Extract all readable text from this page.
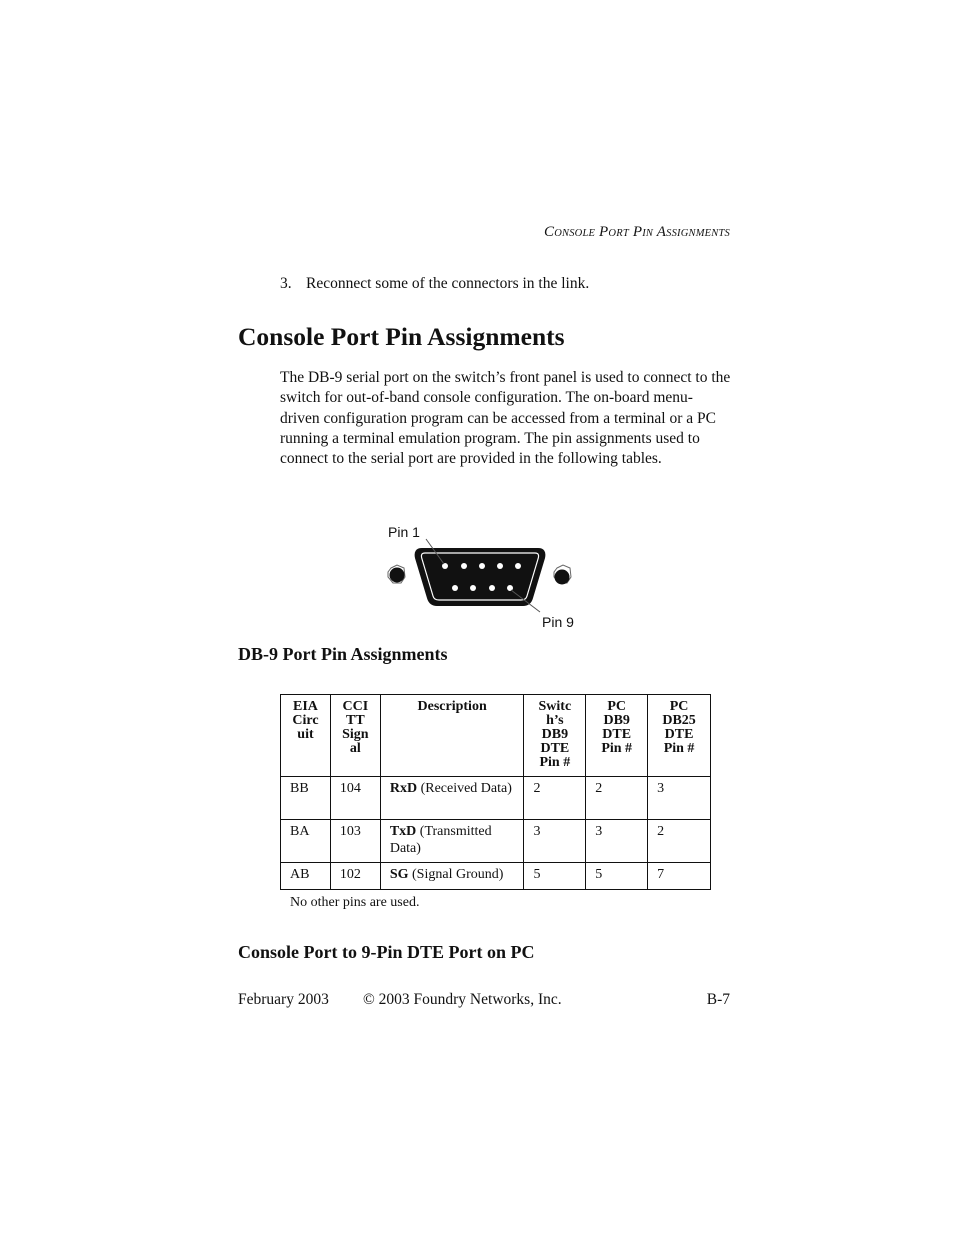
CONSOLE PORT PIN ASSIGNMENTS
3. Reconnect some of the connectors in the link.
Console Port Pin Assignments

The DB-9 serial port on the switch’s front panel is used to connect to the switch for out-of-band console configuration. The on-board menu-driven configuration program can be accessed from a terminal or a PC running a terminal emulation program. The pin assignments used to connect to the serial port are provided in the following tables.

Pin 1
Pin 9
DB-9 Port Pin Assignments
EIA
Circ
uit	CCI
TT
Sign
al	Description	Switc
h’s
DB9
DTE
Pin #	PC
DB9
DTE
Pin #	PC
DB25
DTE
Pin #
BB	104	RxD (Received Data)	2	2	3
BA	103	TxD (Transmitted Data)	3	3	2
AB	102	SG (Signal Ground)	5	5	7
No other pins are used.
Console Port to 9-Pin DTE Port on PC
February 2003 © 2003 Foundry Networks, Inc.	B-7
